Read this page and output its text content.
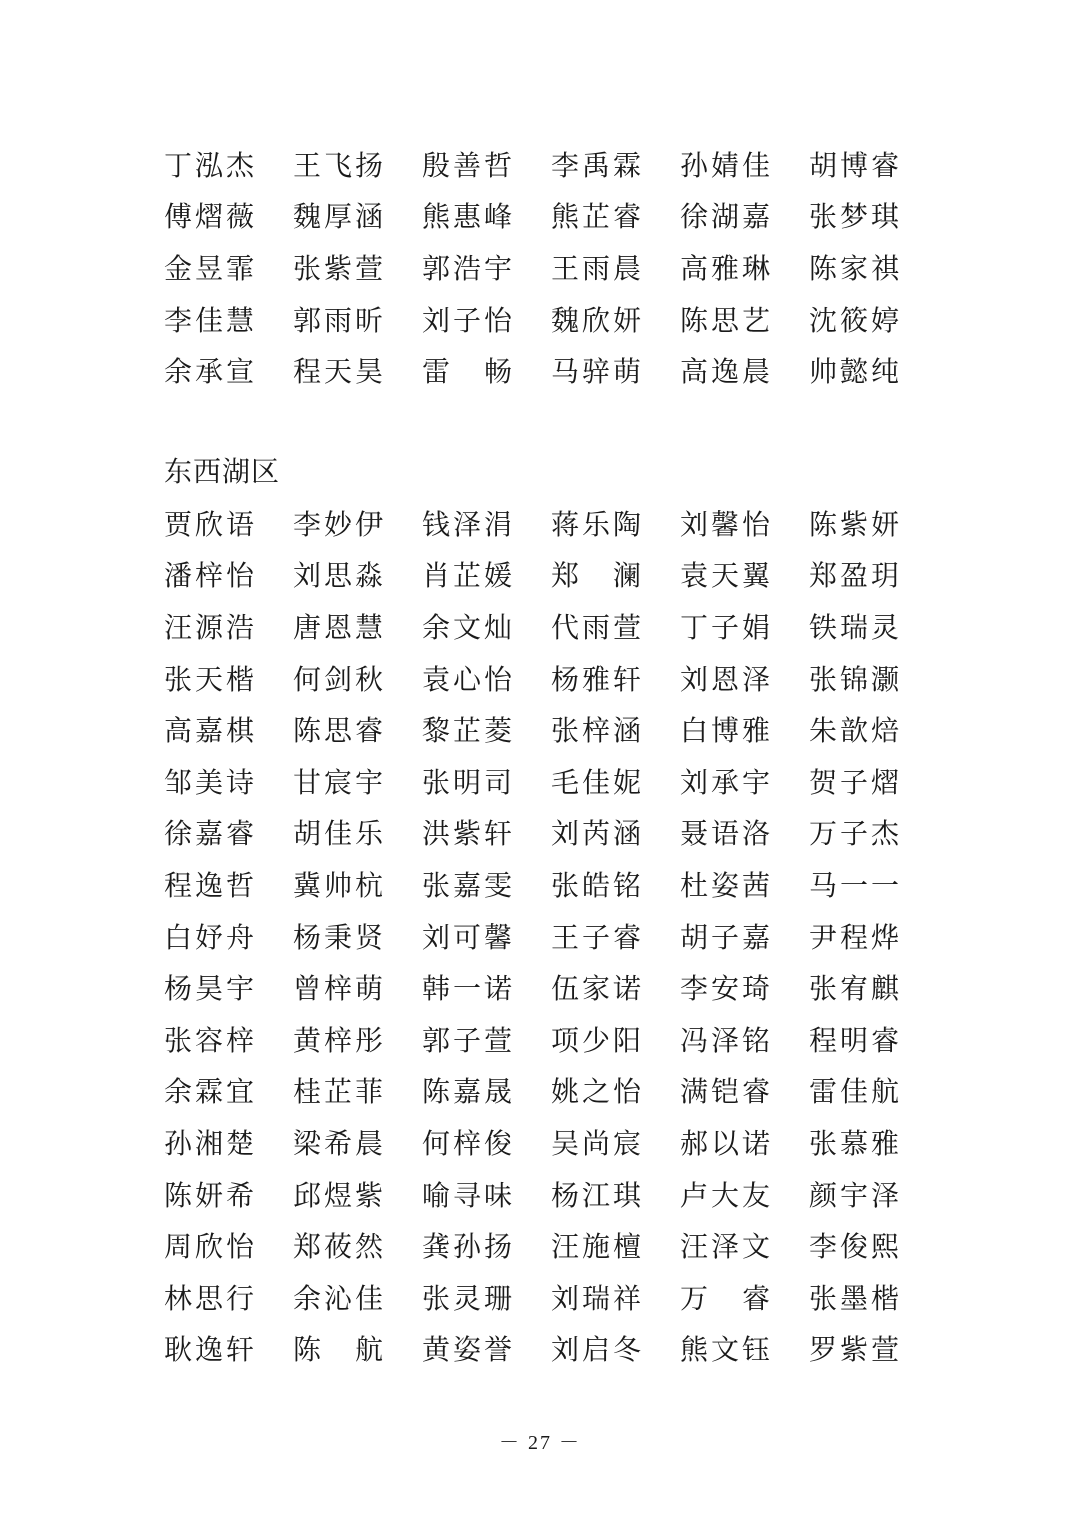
丁泓杰	王飞扬	殷善哲	李禹霖	孙婧佳	胡博睿
傅熠薇	魏厚涵	熊惠峰	熊芷睿	徐湖嘉	张梦琪
金昱霏	张紫萱	郭浩宇	王雨晨	高雅琳	陈家祺
李佳慧	郭雨昕	刘子怡	魏欣妍	陈思艺	沈筱婷
余承宣	程天昊	雷　畅	马骍萌	高逸晨	帅懿纯
东西湖区
贾欣语	李妙伊	钱泽涓	蒋乐陶	刘馨怡	陈紫妍
潘梓怡	刘思淼	肖芷媛	郑　澜	袁天翼	郑盈玥
汪源浩	唐恩慧	余文灿	代雨萱	丁子娟	铁瑞灵
张天楷	何剑秋	袁心怡	杨雅轩	刘恩泽	张锦灏
高嘉棋	陈思睿	黎芷菱	张梓涵	白博雅	朱歆焙
邹美诗	甘宸宇	张明司	毛佳妮	刘承宇	贺子熠
徐嘉睿	胡佳乐	洪紫轩	刘芮涵	聂语洛	万子杰
程逸哲	冀帅杭	张嘉雯	张皓铭	杜姿茜	马一一
白妤舟	杨秉贤	刘可馨	王子睿	胡子嘉	尹程烨
杨昊宇	曾梓萌	韩一诺	伍家诺	李安琦	张宥麒
张容梓	黄梓彤	郭子萱	项少阳	冯泽铭	程明睿
余霖宜	桂芷菲	陈嘉晟	姚之怡	满铠睿	雷佳航
孙湘楚	梁希晨	何梓俊	吴尚宸	郝以诺	张慕雅
陈妍希	邱煜紫	喻寻味	杨江琪	卢大友	颜宇泽
周欣怡	郑莜然	龚孙扬	汪施檀	汪泽文	李俊熙
林思行	余沁佳	张灵珊	刘瑞祥	万　睿	张墨楷
耿逸轩	陈　航	黄姿誉	刘启冬	熊文钰	罗紫萱
－ 27 －
